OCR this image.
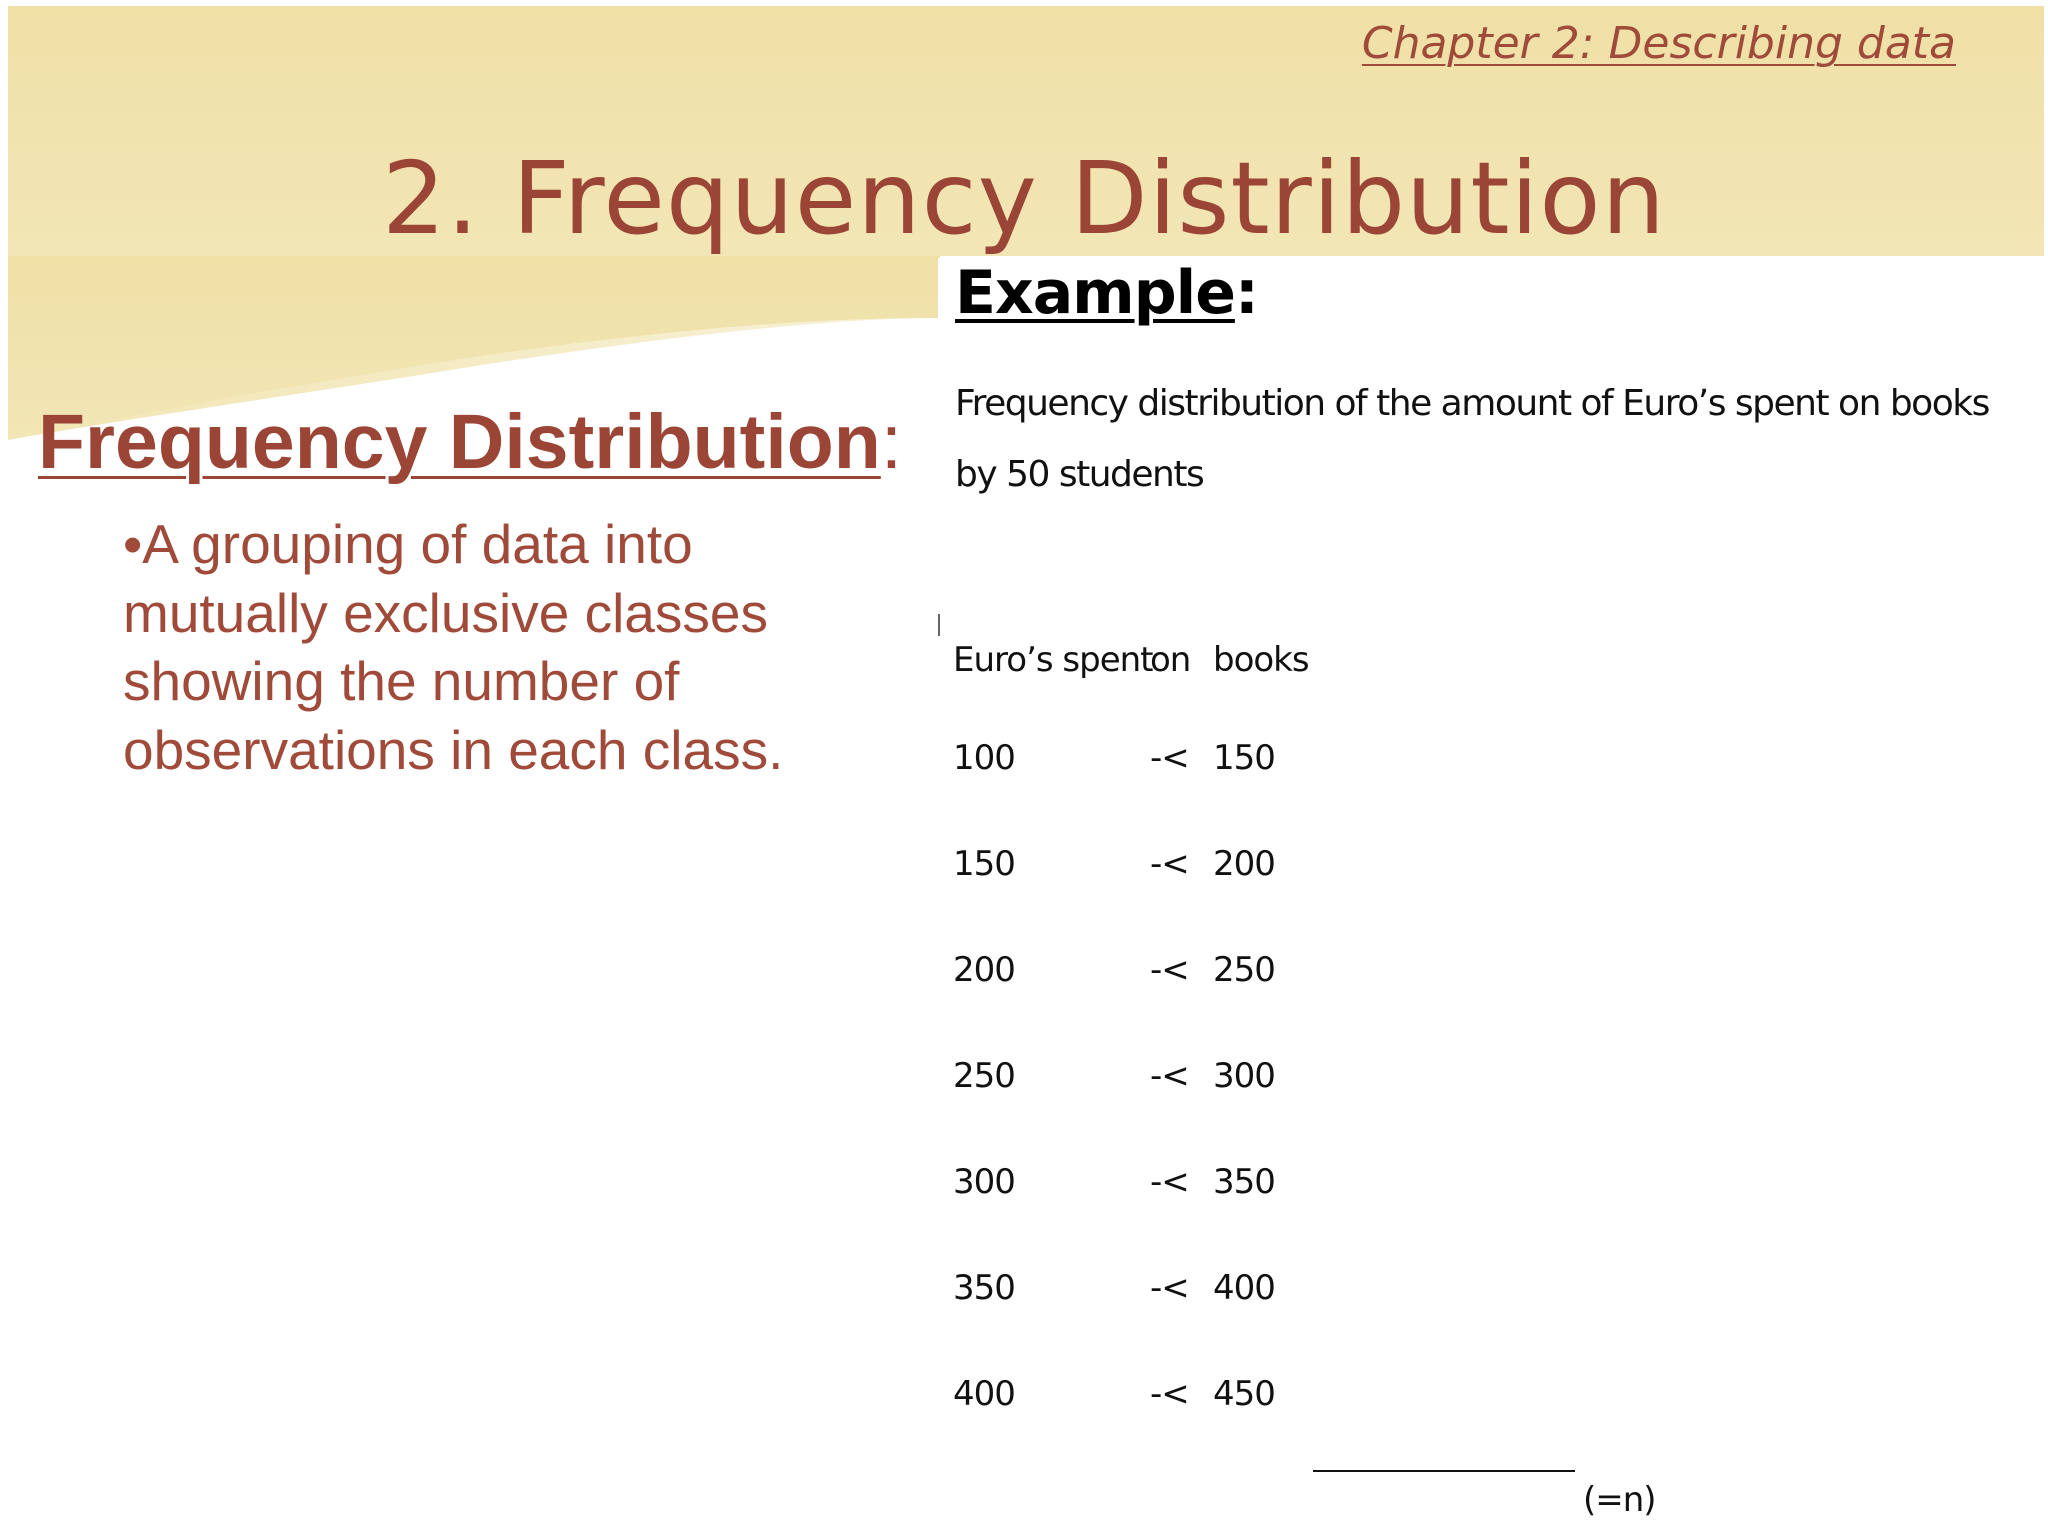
Chapter 2: Describing data
2. Frequency Distribution
Frequency Distribution:
•A grouping of data into mutually exclusive classes showing the number of observations in each class.
Example:
Frequency distribution of the amount of Euro’s spent on books
by 50 students
Euro’s spent
on books
100	-< 150
150	-< 200
200	-< 250
250	-< 300
300	-< 350
350	-< 400
400	-< 450
(=n)
